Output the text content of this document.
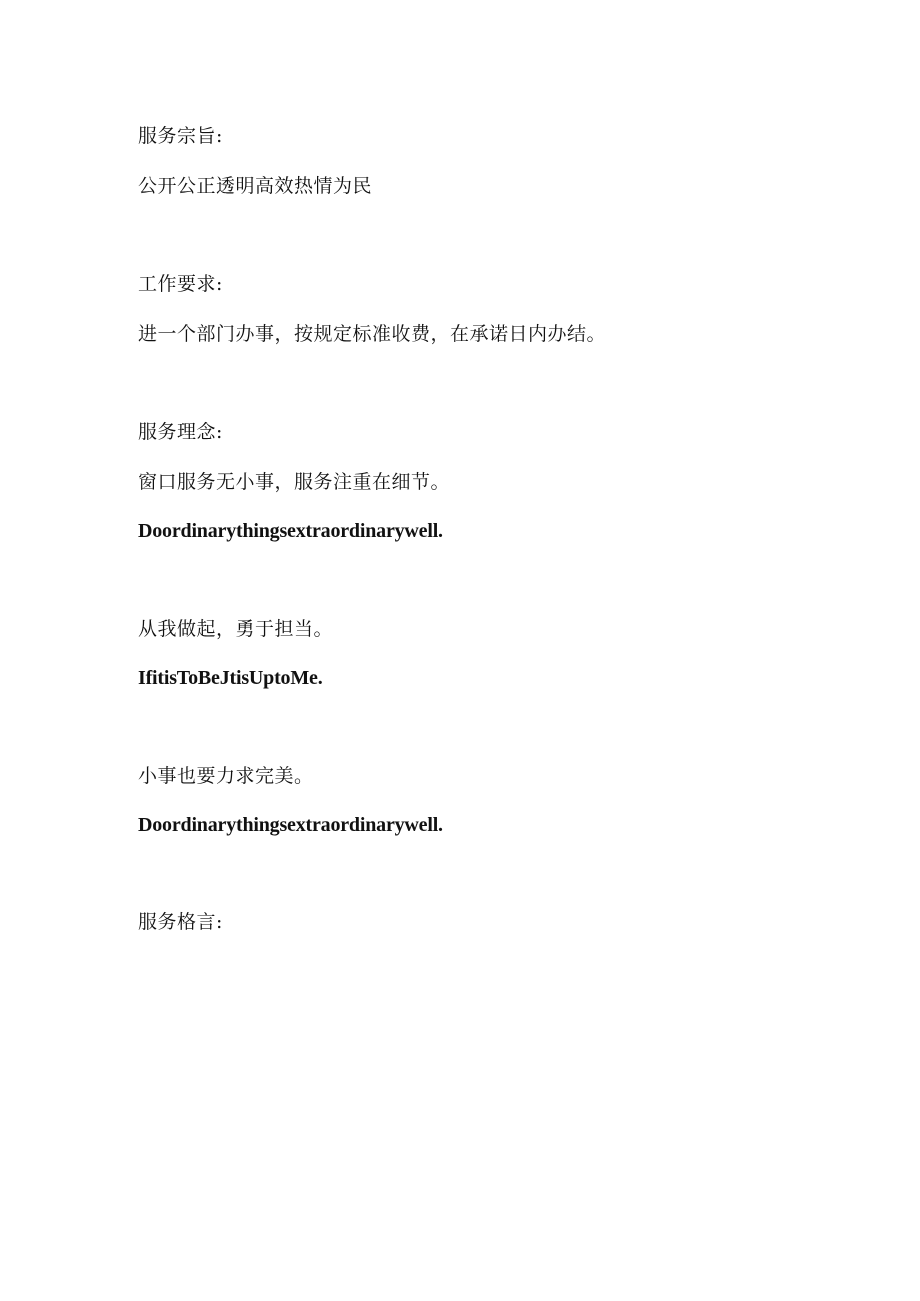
服务宗旨:
公开公正透明高效热情为民
工作要求:
进一个部门办事，按规定标准收费，在承诺日内办结。
服务理念:
窗口服务无小事，服务注重在细节。
Doordinarythingsextraordinarywell.
从我做起，勇于担当。
IfitisToBeJtisUptoMe.
小事也要力求完美。
Doordinarythingsextraordinarywell.
服务格言:
